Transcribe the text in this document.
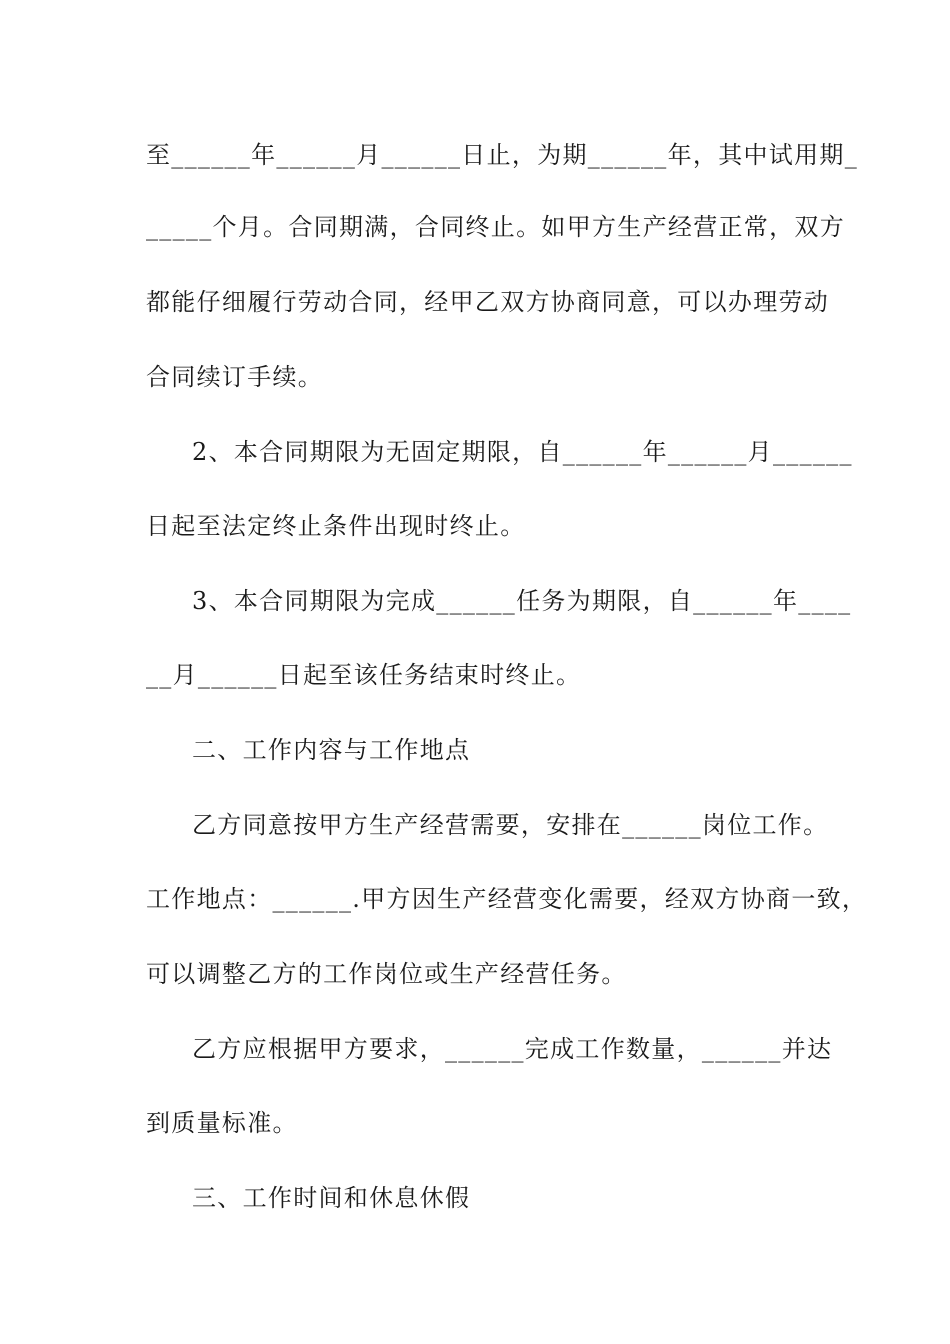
至______年______月______日止，为期______年，其中试用期_
_____个月。合同期满，合同终止。如甲方生产经营正常，双方
都能仔细履行劳动合同，经甲乙双方协商同意，可以办理劳动
合同续订手续。
2、本合同期限为无固定期限，自______年______月______
日起至法定终止条件出现时终止。
3、本合同期限为完成______任务为期限，自______年____
__月______日起至该任务结束时终止。
二、工作内容与工作地点
乙方同意按甲方生产经营需要，安排在______岗位工作。
工作地点：______.甲方因生产经营变化需要，经双方协商一致，
可以调整乙方的工作岗位或生产经营任务。
乙方应根据甲方要求，______完成工作数量，______并达
到质量标准。
三、工作时间和休息休假
